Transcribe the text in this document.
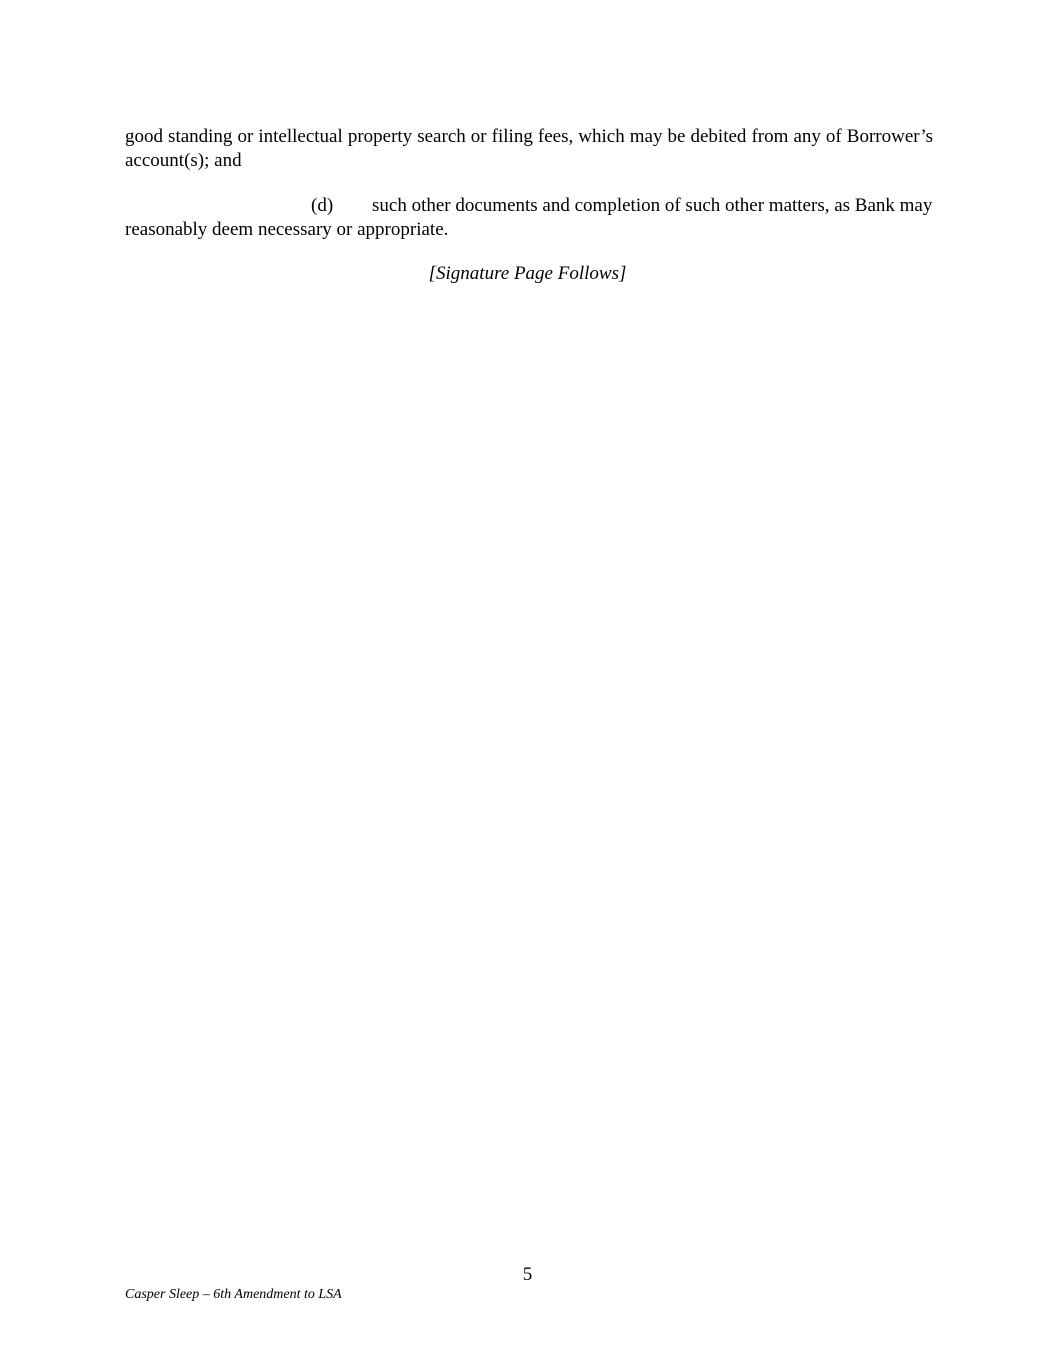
good standing or intellectual property search or filing fees, which may be debited from any of Borrower’s account(s); and

(d) such other documents and completion of such other matters, as Bank may reasonably deem necessary or appropriate.

[Signature Page Follows]

5

Casper Sleep – 6th Amendment to LSA
